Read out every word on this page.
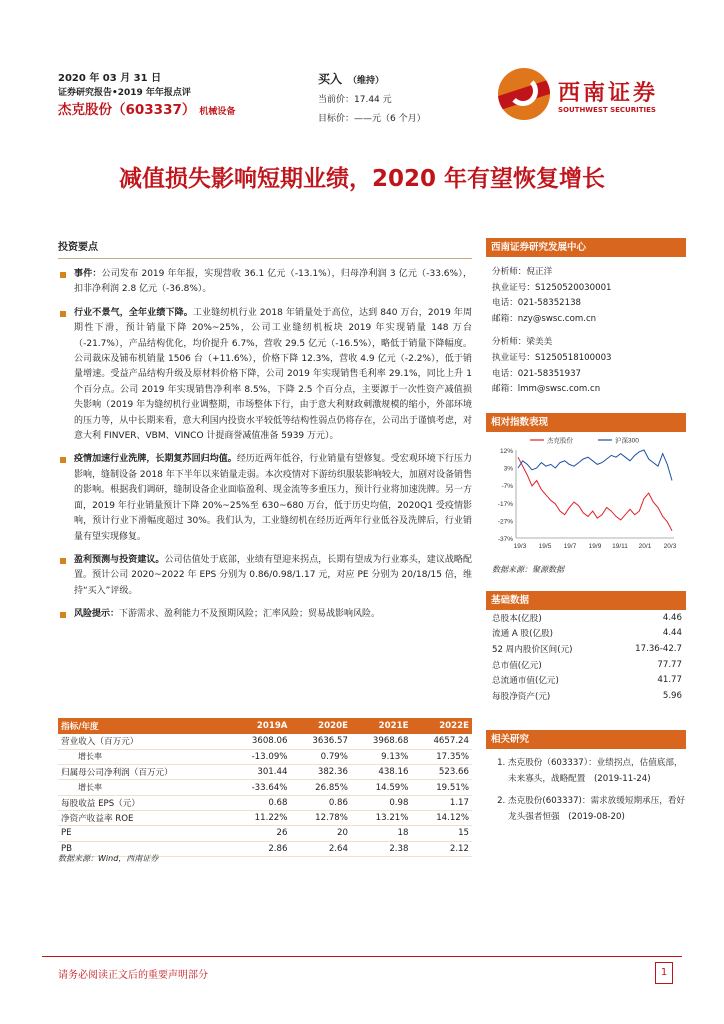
2020 年 03 月 31 日
证券研究报告•2019 年年报点评
杰克股份（603337） 机械设备
买入 （维持）
当前价：17.44 元
目标价：——元（6 个月）
西南证券
SOUTHWEST SECURITIES
减值损失影响短期业绩，2020 年有望恢复增长
投资要点
事件：公司发布 2019 年年报，实现营收 36.1 亿元（-13.1%），归母净利润 3 亿元（-33.6%），扣非净利润 2.8 亿元（-36.8%）。
行业不景气，全年业绩下降。工业缝纫机行业 2018 年销量处于高位，达到 840 万台，2019 年周期性下滑，预计销量下降 20%~25%，公司工业缝纫机板块 2019 年实现销量 148 万台（-21.7%），产品结构优化，均价提升 6.7%，营收 29.5 亿元（-16.5%），略低于销量下降幅度。公司裁床及铺布机销量 1506 台（+11.6%），价格下降 12.3%，营收 4.9 亿元（-2.2%），低于销量增速。受益产品结构升级及原材料价格下降，公司 2019 年实现销售毛利率 29.1%，同比上升 1 个百分点。公司 2019 年实现销售净利率 8.5%，下降 2.5 个百分点，主要源于一次性资产减值损失影响（2019 年为缝纫机行业调整期，市场整体下行，由于意大利财政刺激规模的缩小，外部环境的压力等，从中长期来看，意大利国内投资水平较低等结构性弱点仍将存在，公司出于谨慎考虑，对意大利 FINVER、VBM、VINCO 计提商誉减值准备 5939 万元）。
疫情加速行业洗牌，长期复苏回归均值。经历近两年低谷，行业销量有望修复。受宏观环境下行压力影响，缝制设备 2018 年下半年以来销量走弱。本次疫情对下游纺织服装影响较大，加剧对设备销售的影响。根据我们调研，缝制设备企业面临盈利、现金流等多重压力，预计行业将加速洗牌。另一方面，2019 年行业销量预计下降 20%~25%至 630~680 万台，低于历史均值，2020Q1 受疫情影响，预计行业下滑幅度超过 30%。我们认为，工业缝纫机在经历近两年行业低谷及洗牌后，行业销量有望实现修复。
盈利预测与投资建议。公司估值处于底部，业绩有望迎来拐点，长期有望成为行业寡头，建议战略配置。预计公司 2020~2022 年 EPS 分别为 0.86/0.98/1.17 元，对应 PE 分别为 20/18/15 倍，维持“买入”评级。
风险提示：下游需求、盈利能力不及预期风险；汇率风险；贸易战影响风险。
指标/年度	2019A	2020E	2021E	2022E
营业收入（百万元）	3608.06	3636.57	3968.68	4657.24
增长率	-13.09%	0.79%	9.13%	17.35%
归属母公司净利润（百万元）	301.44	382.36	438.16	523.66
增长率	-33.64%	26.85%	14.59%	19.51%
每股收益 EPS（元）	0.68	0.86	0.98	1.17
净资产收益率 ROE	11.22%	12.78%	13.21%	14.12%
PE	26	20	18	15
PB	2.86	2.64	2.38	2.12
数据来源：Wind，西南证券
西南证券研究发展中心
分析师：倪正洋
执业证号：S1250520030001
电话：021-58352138
邮箱：nzy@swsc.com.cn
分析师：梁美美
执业证号：S1250518100003
电话：021-58351937
邮箱：lmm@swsc.com.cn
相对指数表现
12%
3%
-7%
-17%
-27%
-37%
19/3 19/5 19/7 19/9 19/11 20/1 20/3
杰克股份	沪深300
数据来源：聚源数据
基础数据
总股本(亿股)	4.46
流通 A 股(亿股)	4.44
52 周内股价区间(元)	17.36-42.7
总市值(亿元)	77.77
总流通市值(亿元)	41.77
每股净资产(元)	5.96
相关研究
1. 杰克股份（603337）：业绩拐点，估值底部，未来寡头，战略配置　(2019-11-24)
2. 杰克股份(603337)：需求放缓短期承压，看好龙头强者恒强　(2019-08-20)
请务必阅读正文后的重要声明部分	1
